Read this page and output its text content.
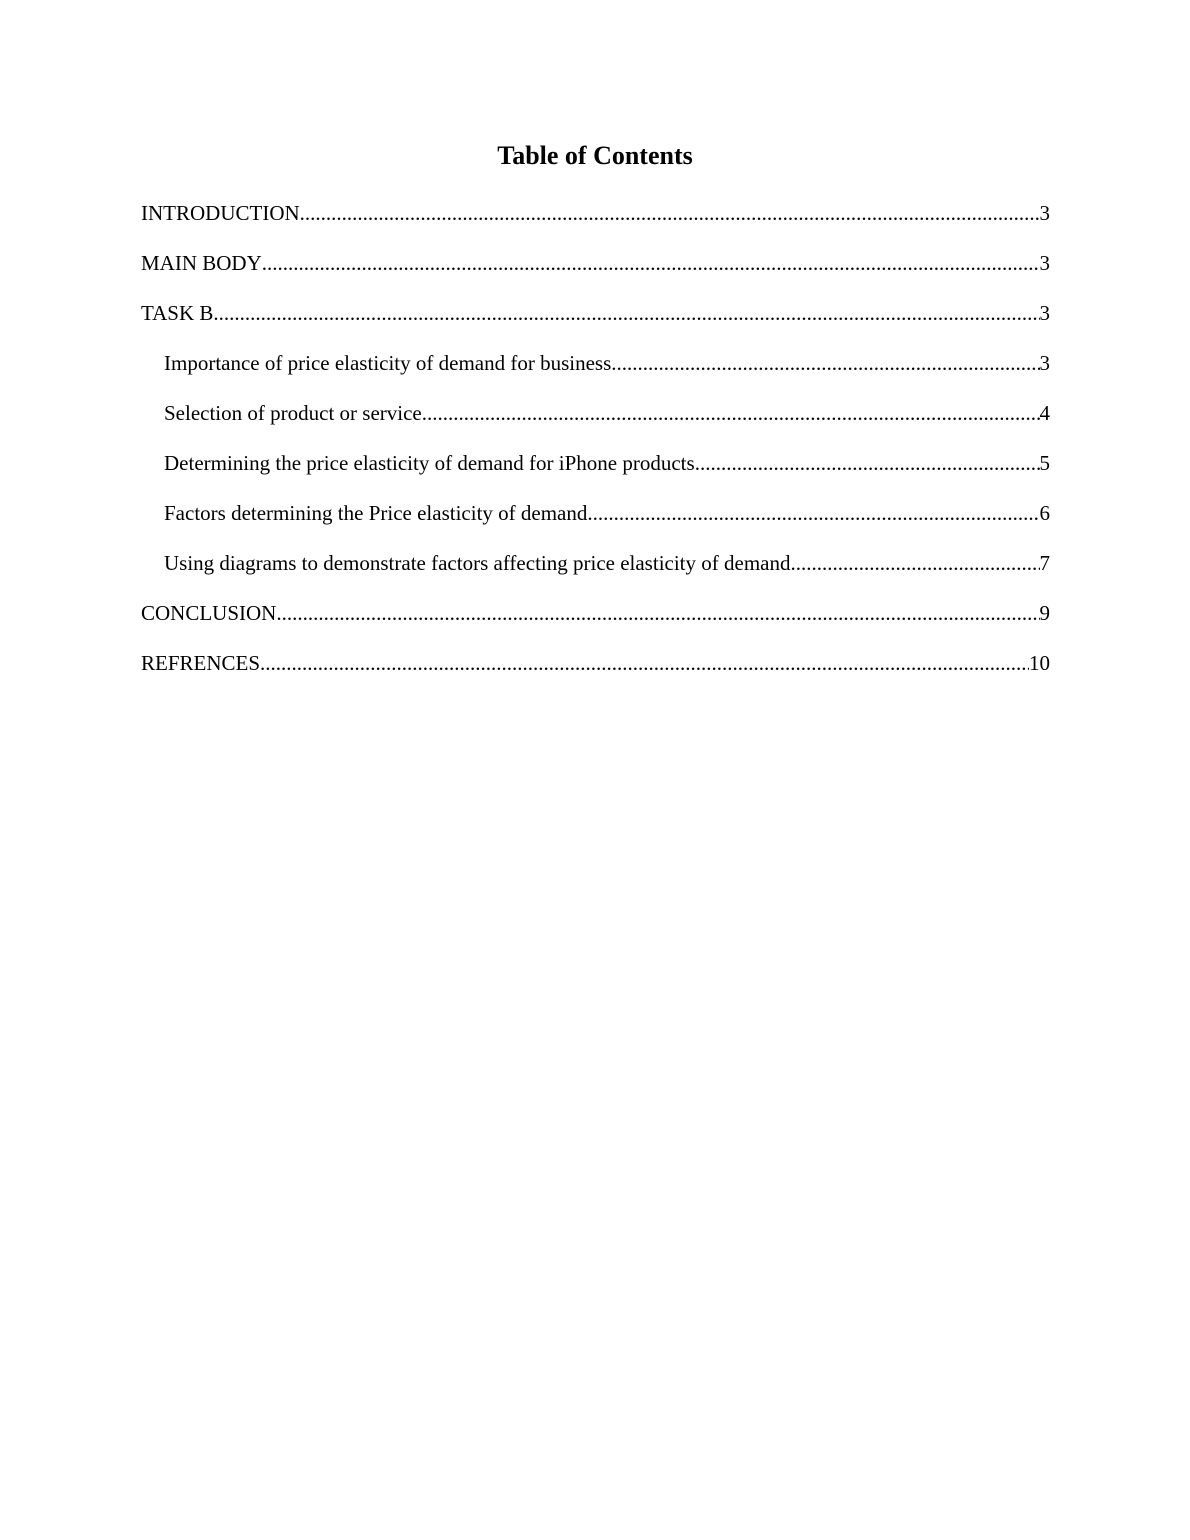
Table of Contents
INTRODUCTION .....	3
MAIN BODY .....	3
TASK B .....	3
Importance of price elasticity of demand for business .....	3
Selection of product or service .....	4
Determining the price elasticity of demand for iPhone products .....	5
Factors determining the Price elasticity of demand .....	6
Using diagrams to demonstrate factors affecting price elasticity of demand .....	7
CONCLUSION .....	9
REFRENCES .....	10
